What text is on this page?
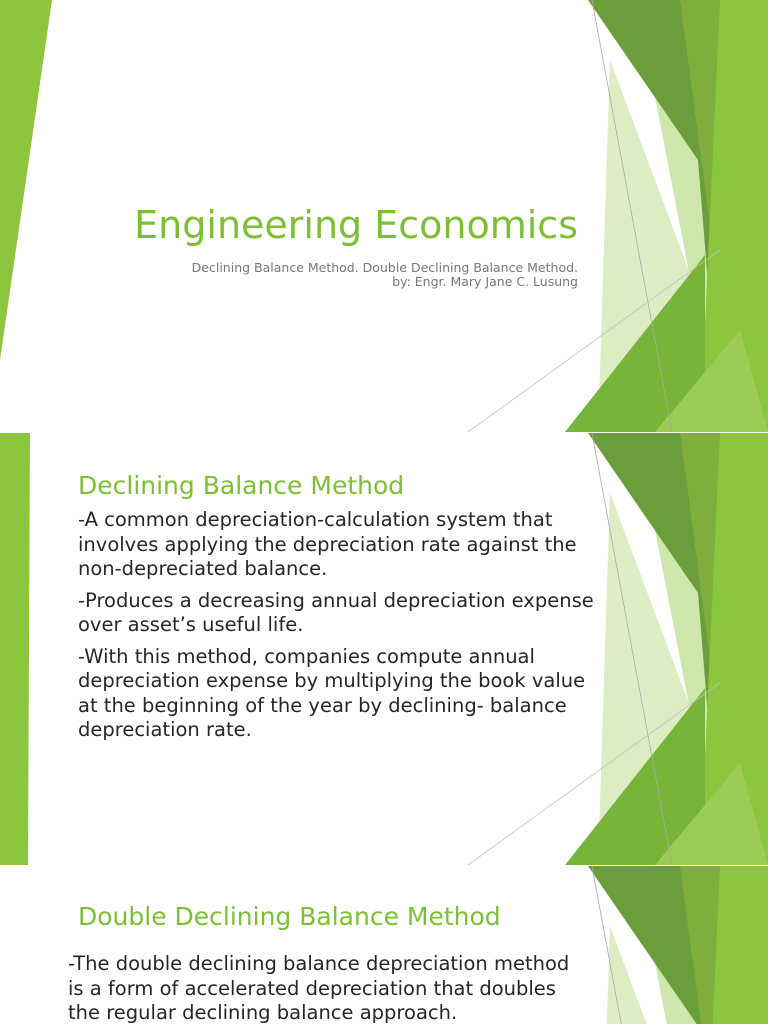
Engineering Economics
Declining Balance Method. Double Declining Balance Method.
by: Engr. Mary Jane C. Lusung
Declining Balance Method

-A common depreciation-calculation system that
involves applying the depreciation rate against the
non-depreciated balance.

-Produces a decreasing annual depreciation expense
over asset’s useful life.

-With this method, companies compute annual
depreciation expense by multiplying the book value
at the beginning of the year by declining- balance
depreciation rate.

Double Declining Balance Method

-The double declining balance depreciation method
is a form of accelerated depreciation that doubles
the regular declining balance approach.
